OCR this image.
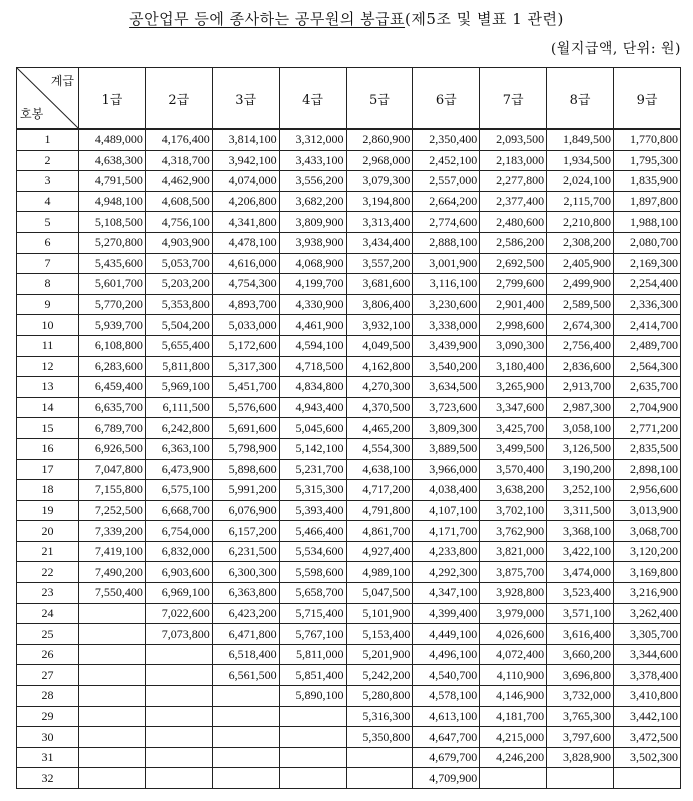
공안업무 등에 종사하는 공무원의 봉급표(제5조 및 별표 1 관련)
(월지급액, 단위: 원)
계급
호봉	1급	2급	3급	4급	5급	6급	7급	8급	9급
1	4,489,000	4,176,400	3,814,100	3,312,000	2,860,900	2,350,400	2,093,500	1,849,500	1,770,800
2	4,638,300	4,318,700	3,942,100	3,433,100	2,968,000	2,452,100	2,183,000	1,934,500	1,795,300
3	4,791,500	4,462,900	4,074,000	3,556,200	3,079,300	2,557,000	2,277,800	2,024,100	1,835,900
4	4,948,100	4,608,500	4,206,800	3,682,200	3,194,800	2,664,200	2,377,400	2,115,700	1,897,800
5	5,108,500	4,756,100	4,341,800	3,809,900	3,313,400	2,774,600	2,480,600	2,210,800	1,988,100
6	5,270,800	4,903,900	4,478,100	3,938,900	3,434,400	2,888,100	2,586,200	2,308,200	2,080,700
7	5,435,600	5,053,700	4,616,000	4,068,900	3,557,200	3,001,900	2,692,500	2,405,900	2,169,300
8	5,601,700	5,203,200	4,754,300	4,199,700	3,681,600	3,116,100	2,799,600	2,499,900	2,254,400
9	5,770,200	5,353,800	4,893,700	4,330,900	3,806,400	3,230,600	2,901,400	2,589,500	2,336,300
10	5,939,700	5,504,200	5,033,000	4,461,900	3,932,100	3,338,000	2,998,600	2,674,300	2,414,700
11	6,108,800	5,655,400	5,172,600	4,594,100	4,049,500	3,439,900	3,090,300	2,756,400	2,489,700
12	6,283,600	5,811,800	5,317,300	4,718,500	4,162,800	3,540,200	3,180,400	2,836,600	2,564,300
13	6,459,400	5,969,100	5,451,700	4,834,800	4,270,300	3,634,500	3,265,900	2,913,700	2,635,700
14	6,635,700	6,111,500	5,576,600	4,943,400	4,370,500	3,723,600	3,347,600	2,987,300	2,704,900
15	6,789,700	6,242,800	5,691,600	5,045,600	4,465,200	3,809,300	3,425,700	3,058,100	2,771,200
16	6,926,500	6,363,100	5,798,900	5,142,100	4,554,300	3,889,500	3,499,500	3,126,500	2,835,500
17	7,047,800	6,473,900	5,898,600	5,231,700	4,638,100	3,966,000	3,570,400	3,190,200	2,898,100
18	7,155,800	6,575,100	5,991,200	5,315,300	4,717,200	4,038,400	3,638,200	3,252,100	2,956,600
19	7,252,500	6,668,700	6,076,900	5,393,400	4,791,800	4,107,100	3,702,100	3,311,500	3,013,900
20	7,339,200	6,754,000	6,157,200	5,466,400	4,861,700	4,171,700	3,762,900	3,368,100	3,068,700
21	7,419,100	6,832,000	6,231,500	5,534,600	4,927,400	4,233,800	3,821,000	3,422,100	3,120,200
22	7,490,200	6,903,600	6,300,300	5,598,600	4,989,100	4,292,300	3,875,700	3,474,000	3,169,800
23	7,550,400	6,969,100	6,363,800	5,658,700	5,047,500	4,347,100	3,928,800	3,523,400	3,216,900
24		7,022,600	6,423,200	5,715,400	5,101,900	4,399,400	3,979,000	3,571,100	3,262,400
25		7,073,800	6,471,800	5,767,100	5,153,400	4,449,100	4,026,600	3,616,400	3,305,700
26			6,518,400	5,811,000	5,201,900	4,496,100	4,072,400	3,660,200	3,344,600
27			6,561,500	5,851,400	5,242,200	4,540,700	4,110,900	3,696,800	3,378,400
28				5,890,100	5,280,800	4,578,100	4,146,900	3,732,000	3,410,800
29					5,316,300	4,613,100	4,181,700	3,765,300	3,442,100
30					5,350,800	4,647,700	4,215,000	3,797,600	3,472,500
31						4,679,700	4,246,200	3,828,900	3,502,300
32						4,709,900			
